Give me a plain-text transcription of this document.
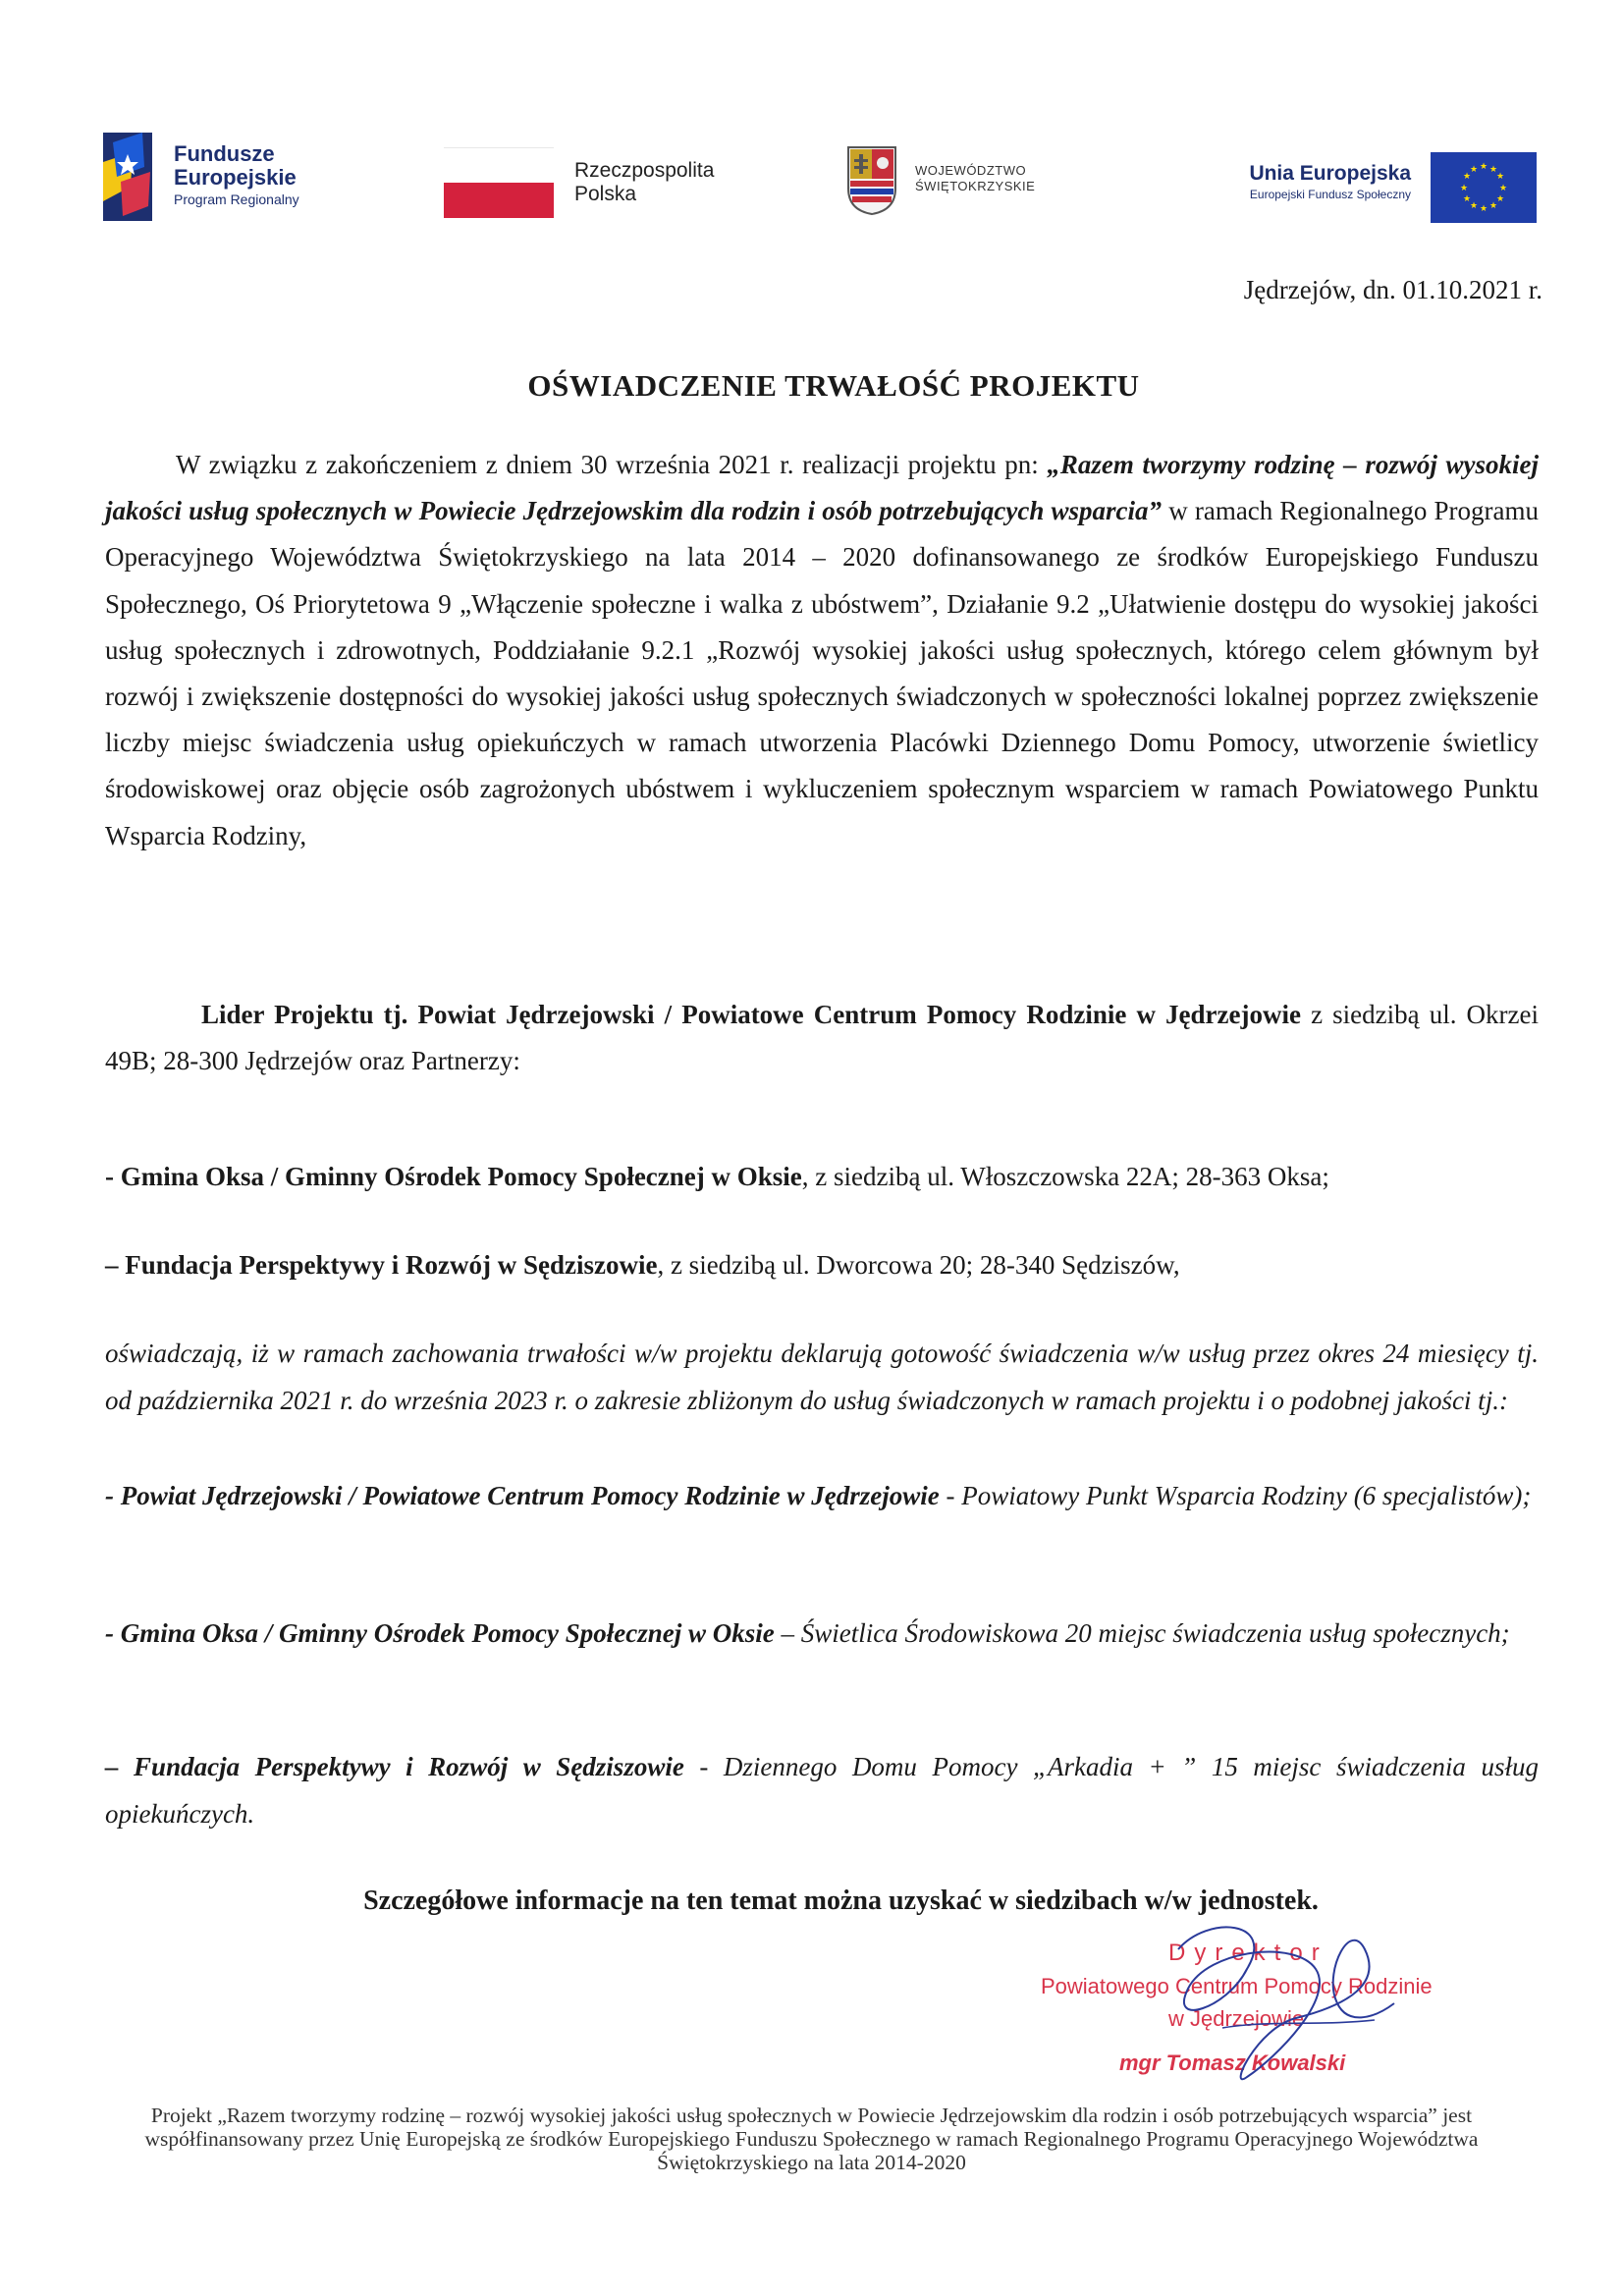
Fundusze
Europejskie
Program Regionalny
Rzeczpospolita
Polska
WOJEWÓDZTWO
ŚWIĘTOKRZYSKIE
Unia Europejska
Europejski Fundusz Społeczny
★ ★
★
★
★
★
★
★
★
★
★
★
Jędrzejów, dn. 01.10.2021 r.
OŚWIADCZENIE TRWAŁOŚĆ PROJEKTU
W związku z zakończeniem z dniem 30 września 2021 r. realizacji projektu pn: „Razem tworzymy rodzinę – rozwój wysokiej jakości usług społecznych w Powiecie Jędrzejowskim dla rodzin i osób potrzebujących wsparcia” w ramach Regionalnego Programu Operacyjnego Województwa Świętokrzyskiego na lata 2014 – 2020 dofinansowanego ze środków Europejskiego Funduszu Społecznego, Oś Priorytetowa 9 „Włączenie społeczne i walka z ubóstwem”, Działanie 9.2 „Ułatwienie dostępu do wysokiej jakości usług społecznych i zdrowotnych, Poddziałanie 9.2.1 „Rozwój wysokiej jakości usług społecznych, którego celem głównym był rozwój i zwiększenie dostępności do wysokiej jakości usług społecznych świadczonych w społeczności lokalnej poprzez zwiększenie liczby miejsc świadczenia usług opiekuńczych w ramach utworzenia Placówki Dziennego Domu Pomocy, utworzenie świetlicy środowiskowej oraz objęcie osób zagrożonych ubóstwem i wykluczeniem społecznym wsparciem w ramach Powiatowego Punktu Wsparcia Rodziny,
Lider Projektu tj. Powiat Jędrzejowski / Powiatowe Centrum Pomocy Rodzinie w Jędrzejowie z siedzibą ul. Okrzei 49B; 28-300 Jędrzejów oraz Partnerzy:
- Gmina Oksa / Gminny Ośrodek Pomocy Społecznej w Oksie, z siedzibą ul. Włoszczowska 22A; 28-363 Oksa;
– Fundacja Perspektywy i Rozwój w Sędziszowie, z siedzibą ul. Dworcowa 20; 28-340 Sędziszów,
oświadczają, iż w ramach zachowania trwałości w/w projektu deklarują gotowość świadczenia w/w usług przez okres 24 miesięcy tj. od października 2021 r. do września 2023 r. o zakresie zbliżonym do usług świadczonych w ramach projektu i o podobnej jakości tj.:
- Powiat Jędrzejowski / Powiatowe Centrum Pomocy Rodzinie w Jędrzejowie - Powiatowy Punkt Wsparcia Rodziny (6 specjalistów);
- Gmina Oksa / Gminny Ośrodek Pomocy Społecznej w Oksie – Świetlica Środowiskowa 20 miejsc świadczenia usług społecznych;
– Fundacja Perspektywy i Rozwój w Sędziszowie - Dziennego Domu Pomocy „Arkadia + ” 15 miejsc świadczenia usług opiekuńczych.
Szczegółowe informacje na ten temat można uzyskać w siedzibach w/w jednostek.
Dyrektor
Powiatowego Centrum Pomocy Rodzinie
w Jędrzejowie
mgr Tomasz Kowalski
Projekt „Razem tworzymy rodzinę – rozwój wysokiej jakości usług społecznych w Powiecie Jędrzejowskim dla rodzin i osób potrzebujących wsparcia” jest współfinansowany przez Unię Europejską ze środków Europejskiego Funduszu Społecznego w ramach Regionalnego Programu Operacyjnego Województwa Świętokrzyskiego na lata 2014-2020
